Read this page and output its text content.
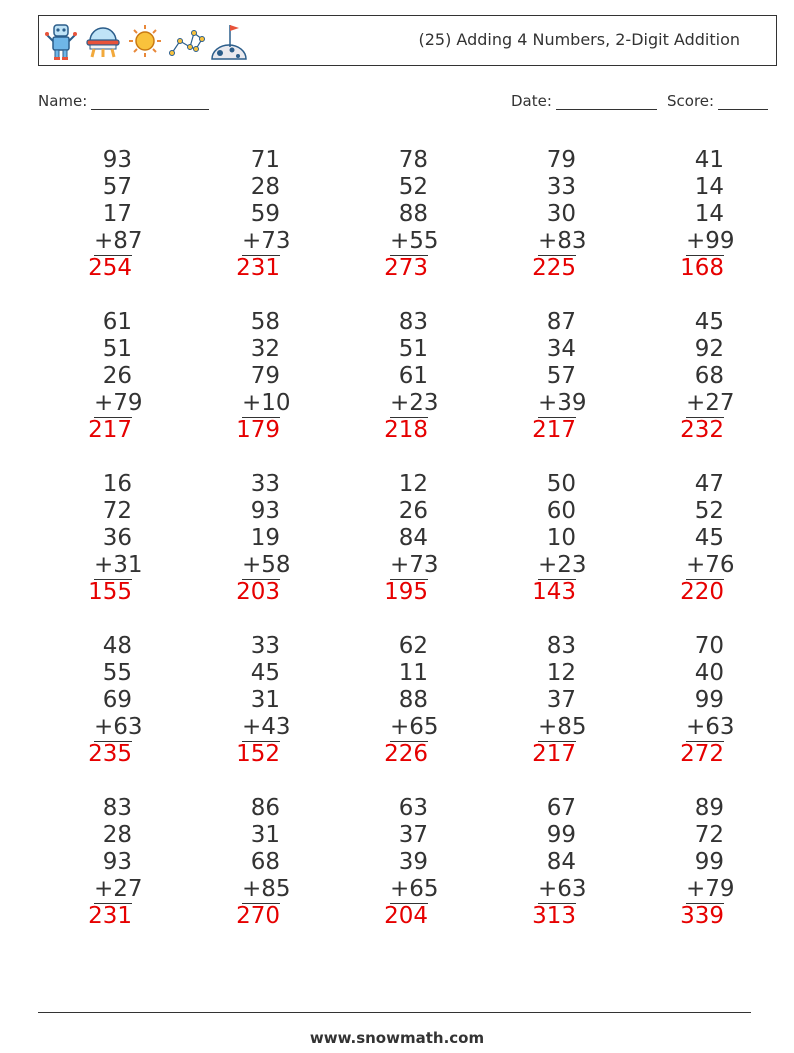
(25) Adding 4 Numbers, 2-Digit Addition
Name:	Date:	Score:
93
57
17
+87
254
71
28
59
+73
231
78
52
88
+55
273
79
33
30
+83
225
41
14
14
+99
168
61
51
26
+79
217
58
32
79
+10
179
83
51
61
+23
218
87
34
57
+39
217
45
92
68
+27
232
16
72
36
+31
155
33
93
19
+58
203
12
26
84
+73
195
50
60
10
+23
143
47
52
45
+76
220
48
55
69
+63
235
33
45
31
+43
152
62
11
88
+65
226
83
12
37
+85
217
70
40
99
+63
272
83
28
93
+27
231
86
31
68
+85
270
63
37
39
+65
204
67
99
84
+63
313
89
72
99
+79
339
www.snowmath.com
